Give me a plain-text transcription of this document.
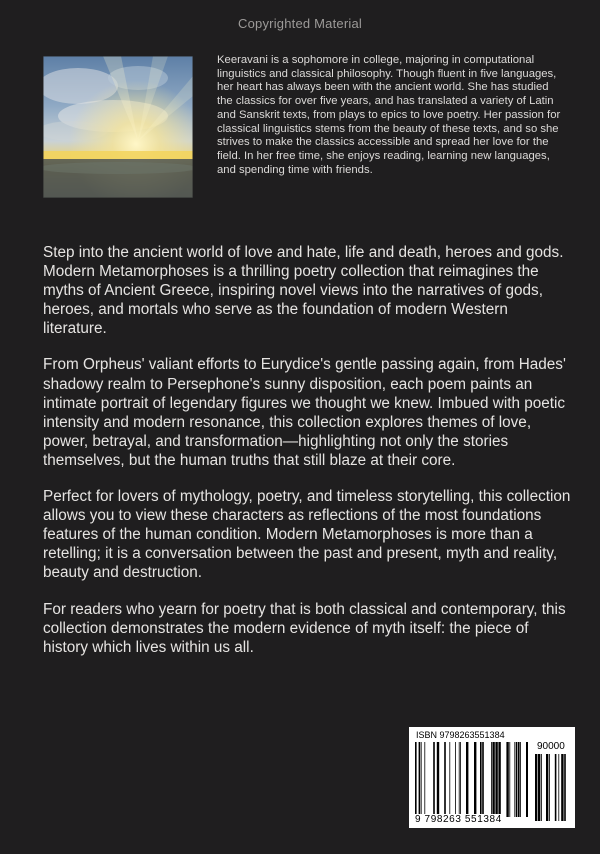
Copyrighted Material
Keeravani is a sophomore in college, majoring in computational linguistics and classical philosophy. Though fluent in five languages, her heart has always been with the ancient world. She has studied the classics for over five years, and has translated a variety of Latin and Sanskrit texts, from plays to epics to love poetry. Her passion for classical linguistics stems from the beauty of these texts, and so she strives to make the classics accessible and spread her love for the field. In her free time, she enjoys reading, learning new languages, and spending time with friends.

Step into the ancient world of love and hate, life and death, heroes and gods. Modern Metamorphoses is a thrilling poetry collection that reimagines the myths of Ancient Greece, inspiring novel views into the narratives of gods, heroes, and mortals who serve as the foundation of modern Western literature.

From Orpheus' valiant efforts to Eurydice's gentle passing again, from Hades' shadowy realm to Persephone's sunny disposition, each poem paints an intimate portrait of legendary figures we thought we knew. Imbued with poetic intensity and modern resonance, this collection explores themes of love, power, betrayal, and transformation—highlighting not only the stories themselves, but the human truths that still blaze at their core.

Perfect for lovers of mythology, poetry, and timeless storytelling, this collection allows you to view these characters as reflections of the most foundations features of the human condition. Modern Metamorphoses is more than a retelling; it is a conversation between the past and present, myth and reality, beauty and destruction.

For readers who yearn for poetry that is both classical and contemporary, this collection demonstrates the modern evidence of myth itself: the piece of history which lives within us all.

ISBN 9798263551384
90000
9 798263 551384
